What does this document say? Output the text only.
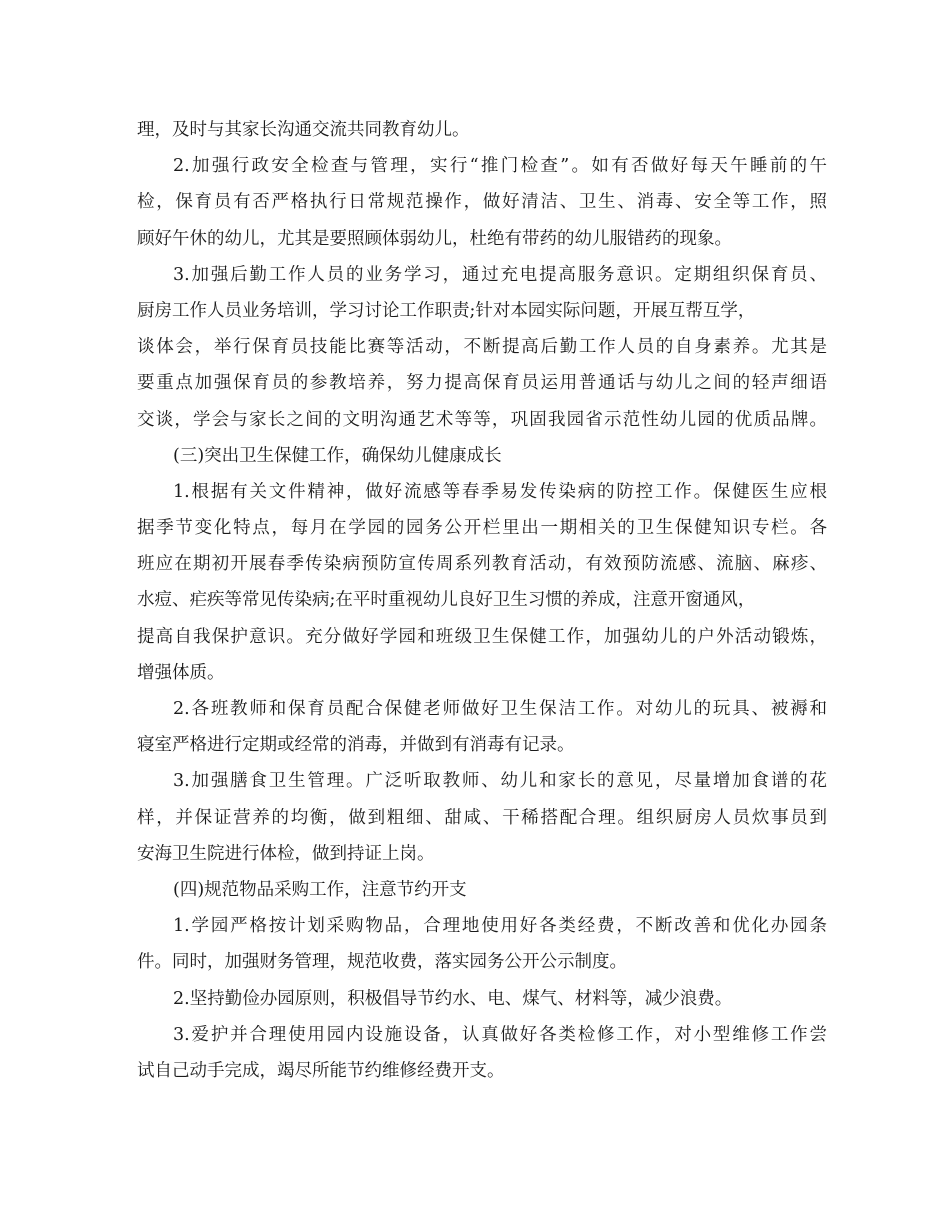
理，及时与其家长沟通交流共同教育幼儿。
2.加强行政安全检查与管理，实行“推门检查”。如有否做好每天午睡前的午
检，保育员有否严格执行日常规范操作，做好清洁、卫生、消毒、安全等工作，照
顾好午休的幼儿，尤其是要照顾体弱幼儿，杜绝有带药的幼儿服错药的现象。
3.加强后勤工作人员的业务学习，通过充电提高服务意识。定期组织保育员、
厨房工作人员业务培训，学习讨论工作职责;针对本园实际问题，开展互帮互学，
谈体会，举行保育员技能比赛等活动，不断提高后勤工作人员的自身素养。尤其是
要重点加强保育员的参教培养，努力提高保育员运用普通话与幼儿之间的轻声细语
交谈，学会与家长之间的文明沟通艺术等等，巩固我园省示范性幼儿园的优质品牌。
(三)突出卫生保健工作，确保幼儿健康成长
1.根据有关文件精神，做好流感等春季易发传染病的防控工作。保健医生应根
据季节变化特点，每月在学园的园务公开栏里出一期相关的卫生保健知识专栏。各
班应在期初开展春季传染病预防宣传周系列教育活动，有效预防流感、流脑、麻疹、
水痘、疟疾等常见传染病;在平时重视幼儿良好卫生习惯的养成，注意开窗通风，
提高自我保护意识。充分做好学园和班级卫生保健工作，加强幼儿的户外活动锻炼，
增强体质。
2.各班教师和保育员配合保健老师做好卫生保洁工作。对幼儿的玩具、被褥和
寝室严格进行定期或经常的消毒，并做到有消毒有记录。
3.加强膳食卫生管理。广泛听取教师、幼儿和家长的意见，尽量增加食谱的花
样，并保证营养的均衡，做到粗细、甜咸、干稀搭配合理。组织厨房人员炊事员到
安海卫生院进行体检，做到持证上岗。
(四)规范物品采购工作，注意节约开支
1.学园严格按计划采购物品，合理地使用好各类经费，不断改善和优化办园条
件。同时，加强财务管理，规范收费，落实园务公开公示制度。
2.坚持勤俭办园原则，积极倡导节约水、电、煤气、材料等，减少浪费。
3.爱护并合理使用园内设施设备，认真做好各类检修工作，对小型维修工作尝
试自己动手完成，竭尽所能节约维修经费开支。
